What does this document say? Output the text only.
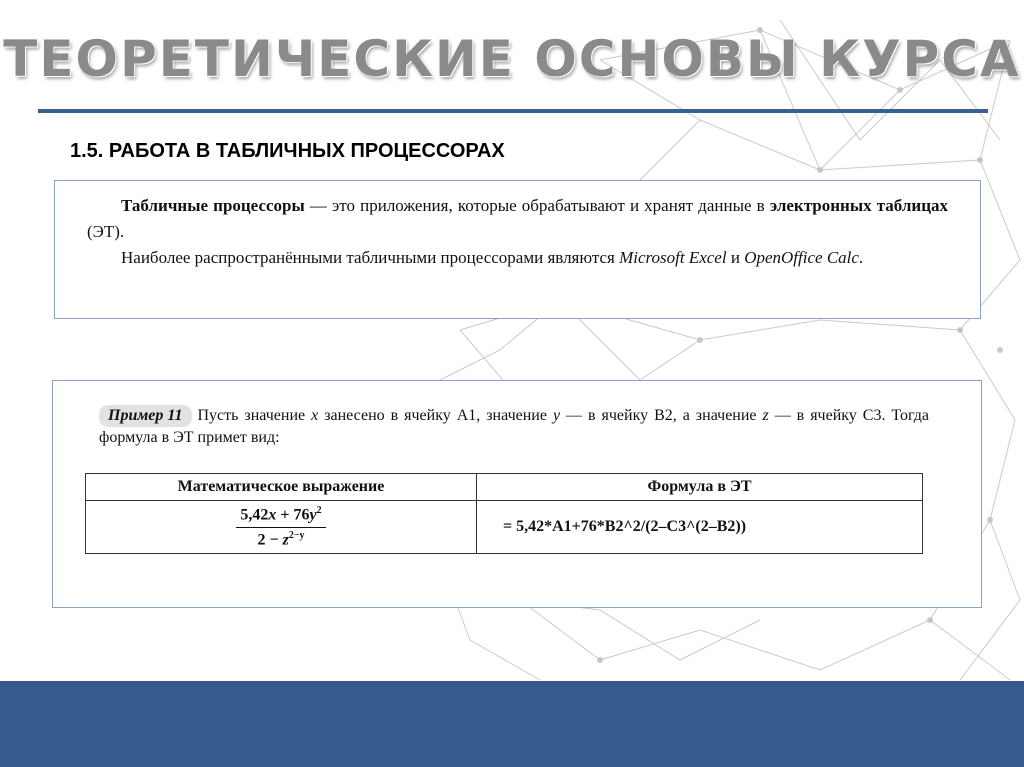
ТЕОРЕТИЧЕСКИЕ ОСНОВЫ КУРСА
1.5. РАБОТА В ТАБЛИЧНЫХ ПРОЦЕССОРАХ

Табличные процессоры — это приложения, которые обрабатывают и хранят данные в электронных таблицах (ЭТ).

Наиболее распространёнными табличными процессорами являются Microsoft Excel и OpenOffice Calc.

Пример 11 Пусть значение x занесено в ячейку A1, значение y — в ячейку B2, а значение z — в ячейку C3. Тогда формула в ЭТ примет вид:
Математическое выражение	Формула в ЭТ

$\frac{5,42x + 76y^2}{2 - z^{2-y}}$	= 5,42*A1+76*B2^2/(2–C3^(2–B2))
